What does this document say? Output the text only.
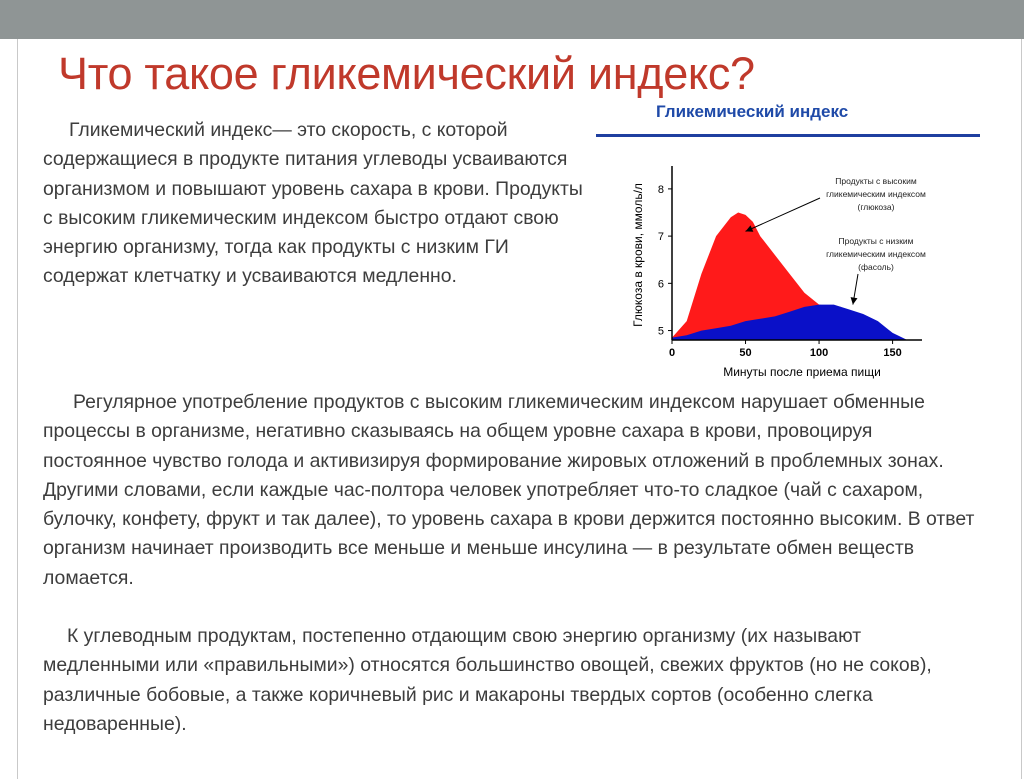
Что такое гликемический индекс?

Гликемический индекс— это скорость, с которой содержащиеся в продукте питания углеводы усваиваются организмом и повышают уровень сахара в крови. Продукты с высоким гликемическим индексом быстро отдают свою энергию организму, тогда как продукты с низким ГИ содержат клетчатку и усваиваются медленно.

Регулярное употребление продуктов с высоким гликемическим индексом нарушает обменные процессы в организме, негативно сказываясь на общем уровне сахара в крови, провоцируя постоянное чувство голода и активизируя формирование жировых отложений в проблемных зонах. Другими словами, если каждые час-полтора человек употребляет что-то сладкое (чай с сахаром, булочку, конфету, фрукт и так далее), то уровень сахара в крови держится постоянно высоким. В ответ организм начинает производить все меньше и меньше инсулина — в результате обмен веществ ломается.

К углеводным продуктам, постепенно отдающим свою энергию организму (их называют медленными или «правильными») относятся большинство овощей, свежих фруктов (но не соков), различные бобовые, а также коричневый рис и макароны твердых сортов (особенно слегка недоваренные).

Гликемический индекс
0	50	100	150
5
6
7
8
Минуты после приема пищи
Глюкоза в крови, ммоль/л
Продукты с высоким
гликемическим индексом
(глюкоза)
Продукты с низким
гликемическим индексом
(фасоль)
